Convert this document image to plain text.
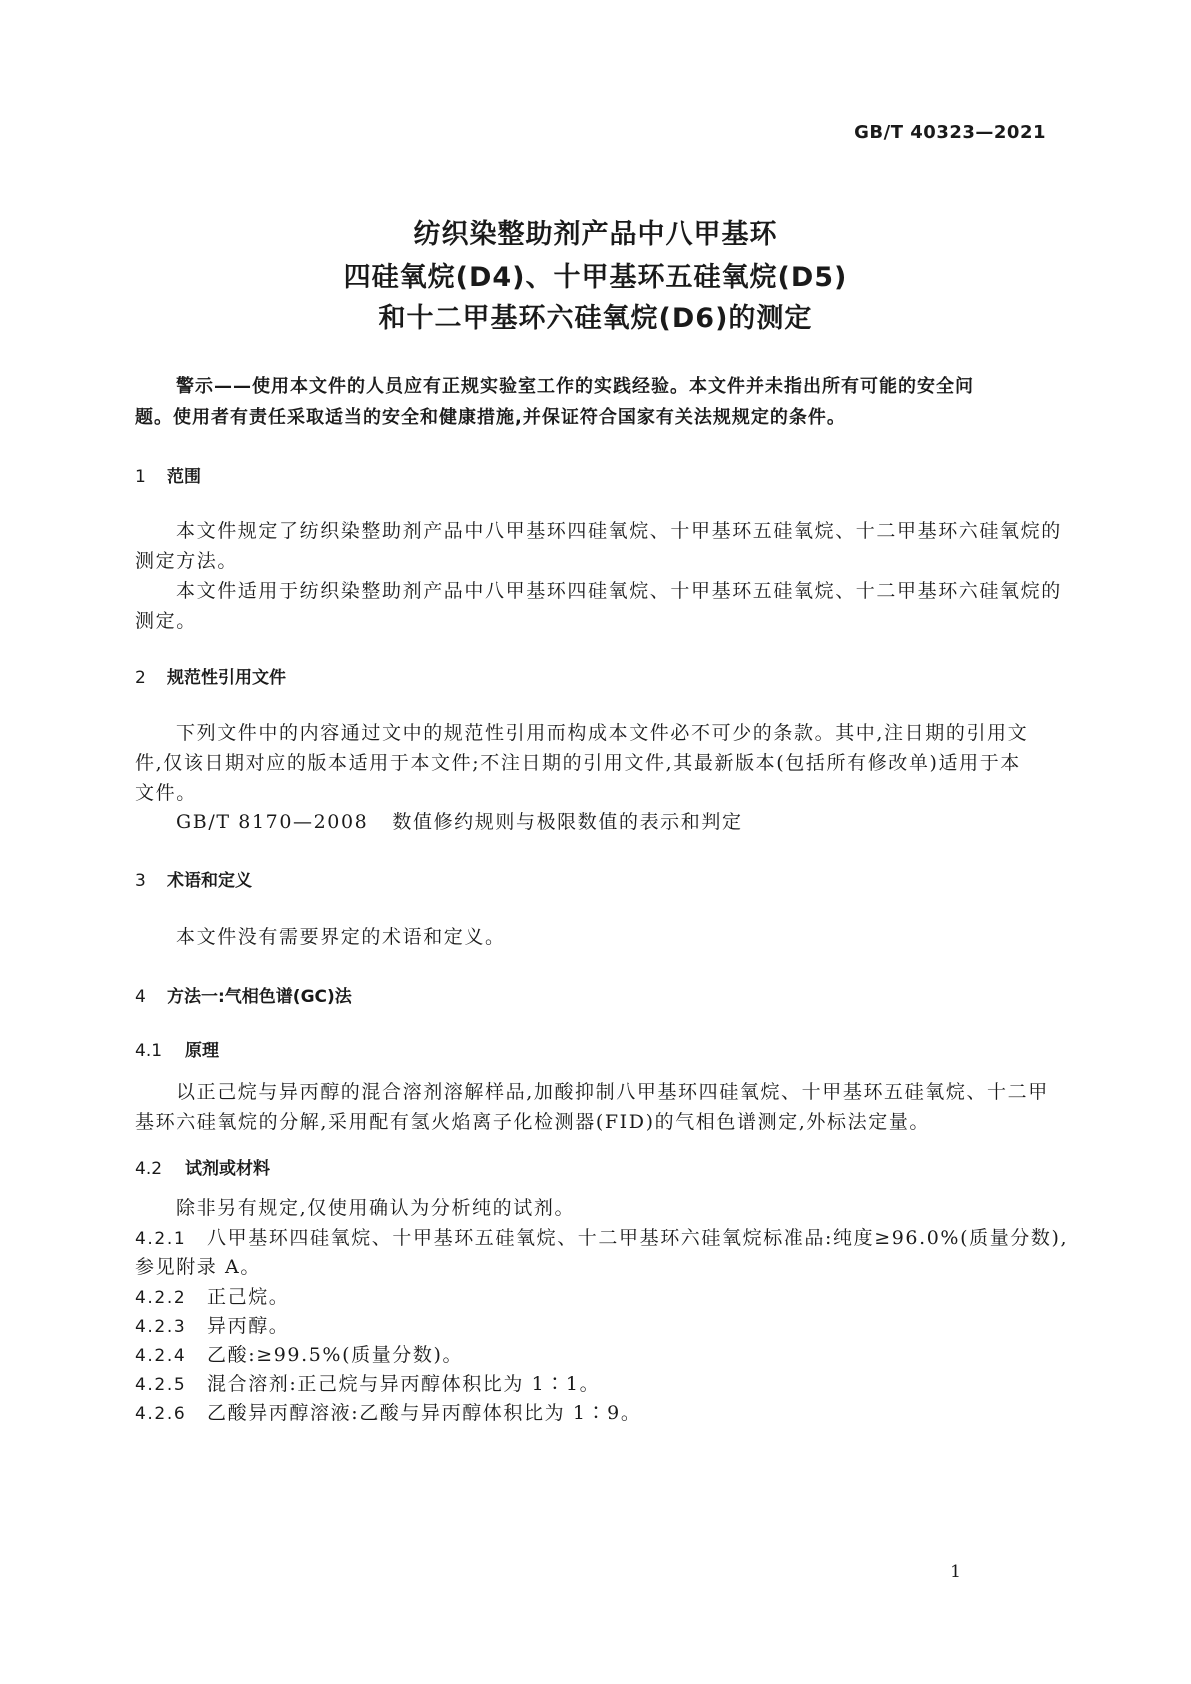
GB/T 40323—2021
纺织染整助剂产品中八甲基环
四硅氧烷(D4)、十甲基环五硅氧烷(D5)
和十二甲基环六硅氧烷(D6)的测定
警示——使用本文件的人员应有正规实验室工作的实践经验。本文件并未指出所有可能的安全问
题。使用者有责任采取适当的安全和健康措施,并保证符合国家有关法规规定的条件。
1 范围
本文件规定了纺织染整助剂产品中八甲基环四硅氧烷、十甲基环五硅氧烷、十二甲基环六硅氧烷的
测定方法。
本文件适用于纺织染整助剂产品中八甲基环四硅氧烷、十甲基环五硅氧烷、十二甲基环六硅氧烷的
测定。
2 规范性引用文件
下列文件中的内容通过文中的规范性引用而构成本文件必不可少的条款。其中,注日期的引用文
件,仅该日期对应的版本适用于本文件;不注日期的引用文件,其最新版本(包括所有修改单)适用于本
文件。
GB/T 8170—2008 数值修约规则与极限数值的表示和判定
3 术语和定义
本文件没有需要界定的术语和定义。
4 方法一:气相色谱(GC)法
4.1 原理
以正己烷与异丙醇的混合溶剂溶解样品,加酸抑制八甲基环四硅氧烷、十甲基环五硅氧烷、十二甲
基环六硅氧烷的分解,采用配有氢火焰离子化检测器(FID)的气相色谱测定,外标法定量。
4.2 试剂或材料
除非另有规定,仅使用确认为分析纯的试剂。
4.2.1 八甲基环四硅氧烷、十甲基环五硅氧烷、十二甲基环六硅氧烷标准品:纯度≥96.0%(质量分数),
参见附录 A。
4.2.2 正己烷。
4.2.3 异丙醇。
4.2.4 乙酸:≥99.5%(质量分数)。
4.2.5 混合溶剂:正己烷与异丙醇体积比为 1∶1。
4.2.6 乙酸异丙醇溶液:乙酸与异丙醇体积比为 1∶9。
1
